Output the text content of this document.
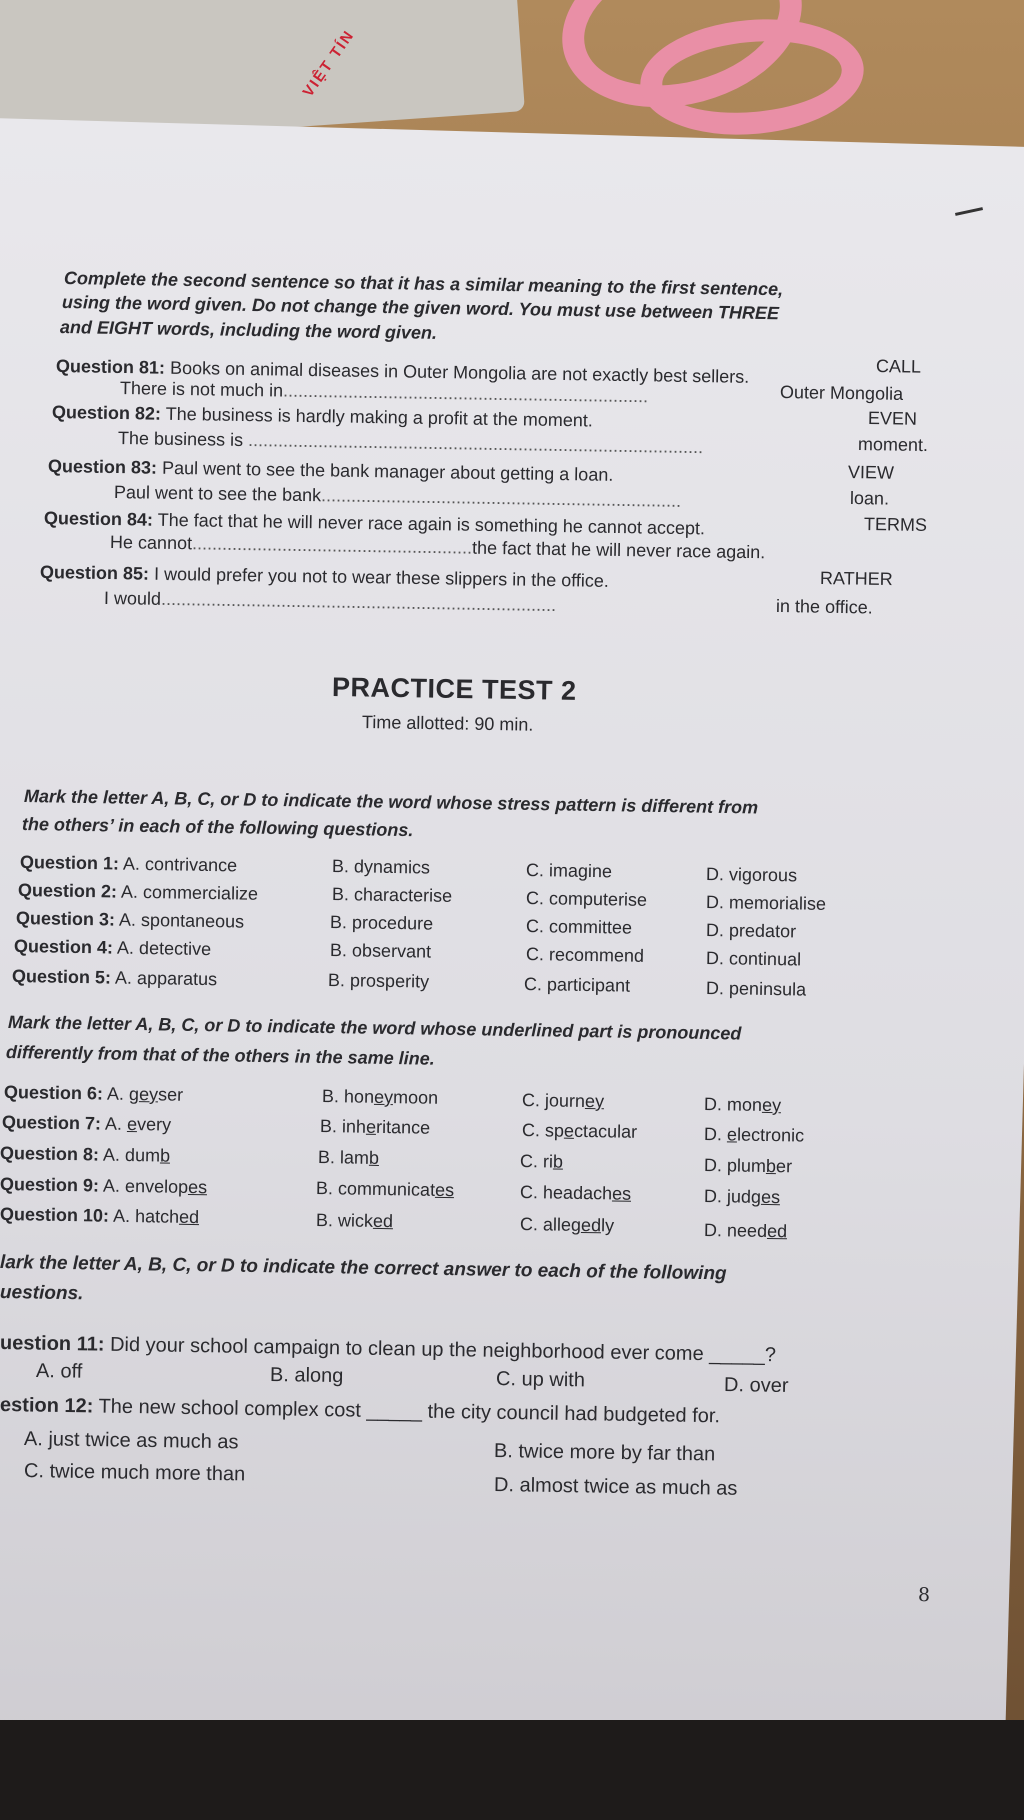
VIỆT TÍN
Complete the second sentence so that it has a similar meaning to the first sentence,
using the word given. Do not change the given word. You must use between THREE
and EIGHT words, including the word given.
Question 81: Books on animal diseases in Outer Mongolia are not exactly best sellers.	CALL
There is not much in.........................................................................	Outer Mongolia
Question 82: The business is hardly making a profit at the moment.	EVEN
The business is ...........................................................................................	moment.
Question 83: Paul went to see the bank manager about getting a loan.	VIEW
Paul went to see the bank........................................................................	loan.
Question 84: The fact that he will never race again is something he cannot accept.	TERMS
He cannot........................................................the fact that he will never race again.
Question 85: I would prefer you not to wear these slippers in the office.	RATHER
I would...............................................................................	in the office.
PRACTICE TEST 2
Time allotted: 90 min.
Mark the letter A, B, C, or D to indicate the word whose stress pattern is different from
the others’ in each of the following questions.
Question 1: A. contrivance	B. dynamics	C. imagine	D. vigorous
Question 2: A. commercialize	B. characterise	C. computerise	D. memorialise
Question 3: A. spontaneous	B. procedure	C. committee	D. predator
Question 4: A. detective	B. observant	C. recommend	D. continual
Question 5: A. apparatus	B. prosperity	C. participant	D. peninsula
Mark the letter A, B, C, or D to indicate the word whose underlined part is pronounced
differently from that of the others in the same line.
Question 6: A. geyser	B. honeymoon	C. journey	D. money
Question 7: A. every	B. inheritance	C. spectacular	D. electronic
Question 8: A. dumb	B. lamb	C. rib	D. plumber
Question 9: A. envelopes	B. communicates	C. headaches	D. judges
Question 10: A. hatched	B. wicked	C. allegedly	D. needed
lark the letter A, B, C, or D to indicate the correct answer to each of the following
uestions.
uestion 11: Did your school campaign to clean up the neighborhood ever come _____?
A. off	B. along	C. up with	D. over
estion 12: The new school complex cost _____ the city council had budgeted for.
A. just twice as much as	B. twice more by far than
C. twice much more than
D. almost twice as much as
8
